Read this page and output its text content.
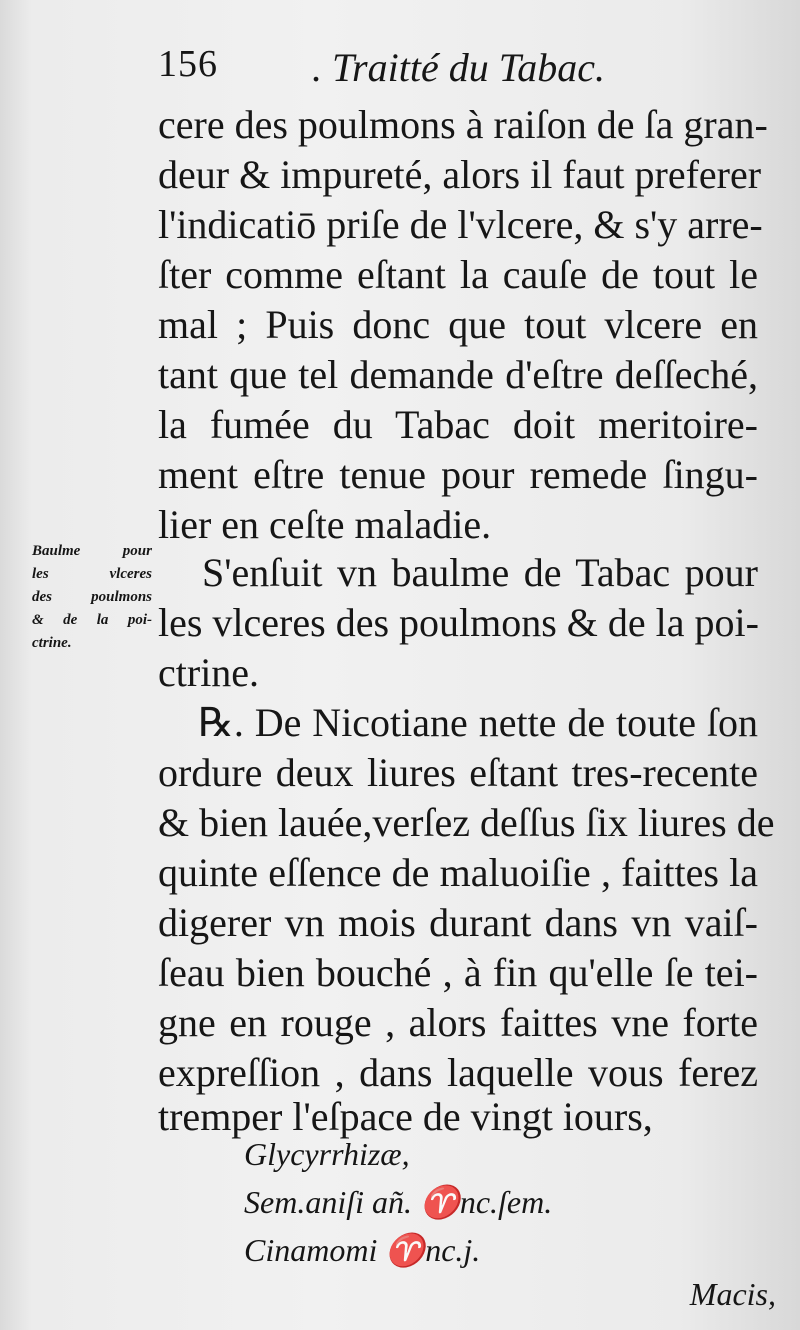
156 . Traitté du Tabac.
cere des poulmons à raiſon de ſa gran-
deur & impureté, alors il faut preferer
l'indicatiō priſe de l'vlcere, & s'y arre-
ſter comme eſtant la cauſe de tout le
mal ; Puis donc que tout vlcere en
tant que tel demande d'eſtre deſſeché,
la fumée du Tabac doit meritoire-
ment eſtre tenue pour remede ſingu-
lier en ceſte maladie.
S'enſuit vn baulme de Tabac pour
les vlceres des poulmons & de la poi-
ctrine.
℞. De Nicotiane nette de toute ſon
ordure deux liures eſtant tres-recente
& bien lauée,verſez deſſus ſix liures de
quinte eſſence de maluoiſie , faittes la
digerer vn mois durant dans vn vaiſ-
ſeau bien bouché , à fin qu'elle ſe tei-
gne en rouge , alors faittes vne forte
expreſſion , dans laquelle vous ferez
tremper l'eſpace de vingt iours,
Glycyrrhizæ,
Sem.aniſi añ. ♈nc.ſem.
Cinamomi ♈nc.j.
Macis,
Baulme pour
les vlceres
des poulmons
& de la poi-
ctrine.
